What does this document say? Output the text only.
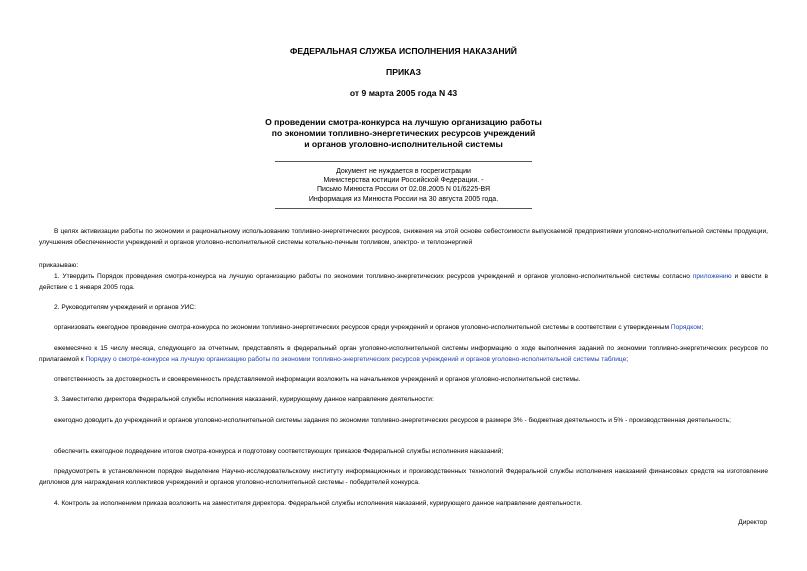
ФЕДЕРАЛЬНАЯ СЛУЖБА ИСПОЛНЕНИЯ НАКАЗАНИЙ
ПРИКАЗ
от 9 марта 2005 года N 43
О проведении смотра-конкурса на лучшую организацию работы
по экономии топливно-энергетических ресурсов учреждений
и органов уголовно-исполнительной системы
Документ не нуждается в госрегистрации
Министерства юстиции Российской Федерации. -
Письмо Минюста России от 02.08.2005 N 01/6225-ВЯ
Информация из Минюста России на 30 августа 2005 года.
В целях активизации работы по экономии и рациональному использованию топливно-энергетических ресурсов, снижения на этой основе себестоимости выпускаемой предприятиями уголовно-исполнительной системы продукции, улучшения обеспеченности учреждений и органов уголовно-исполнительной системы котельно-печным топливом, электро- и теплоэнергией
приказываю:
1. Утвердить Порядок проведения смотра-конкурса на лучшую организацию работы по экономии топливно-энергетических ресурсов учреждений и органов уголовно-исполнительной системы согласно приложению и ввести в действие с 1 января 2005 года.
2. Руководителям учреждений и органов УИС:
организовать ежегодное проведение смотра-конкурса по экономии топливно-энергетических ресурсов среди учреждений и органов уголовно-исполнительной системы в соответствии с утвержденным Порядком;
ежемесячно к 15 числу месяца, следующего за отчетным, представлять в федеральный орган уголовно-исполнительной системы информацию о ходе выполнения заданий по экономии топливно-энергетических ресурсов по прилагаемой к Порядку о смотре-конкурсе на лучшую организацию работы по экономии топливно-энергетических ресурсов учреждений и органов уголовно-исполнительной системы таблице;
ответственность за достоверность и своевременность представляемой информации возложить на начальников учреждений и органов уголовно-исполнительной системы.
3. Заместителю директора Федеральной службы исполнения наказаний, курирующему данное направление деятельности:
ежегодно доводить до учреждений и органов уголовно-исполнительной системы задания по экономии топливно-энергетических ресурсов в размере 3% - бюджетная деятельность и 5% - производственная деятельность;
обеспечить ежегодное подведение итогов смотра-конкурса и подготовку соответствующих приказов Федеральной службы исполнения наказаний;
предусмотреть в установленном порядке выделение Научно-исследовательскому институту информационных и производственных технологий Федеральной службы исполнения наказаний финансовых средств на изготовление дипломов для награждения коллективов учреждений и органов уголовно-исполнительной системы - победителей конкурса.
4. Контроль за исполнением приказа возложить на заместителя директора. Федеральной службы исполнения наказаний, курирующего данное направление деятельности.
Директор
